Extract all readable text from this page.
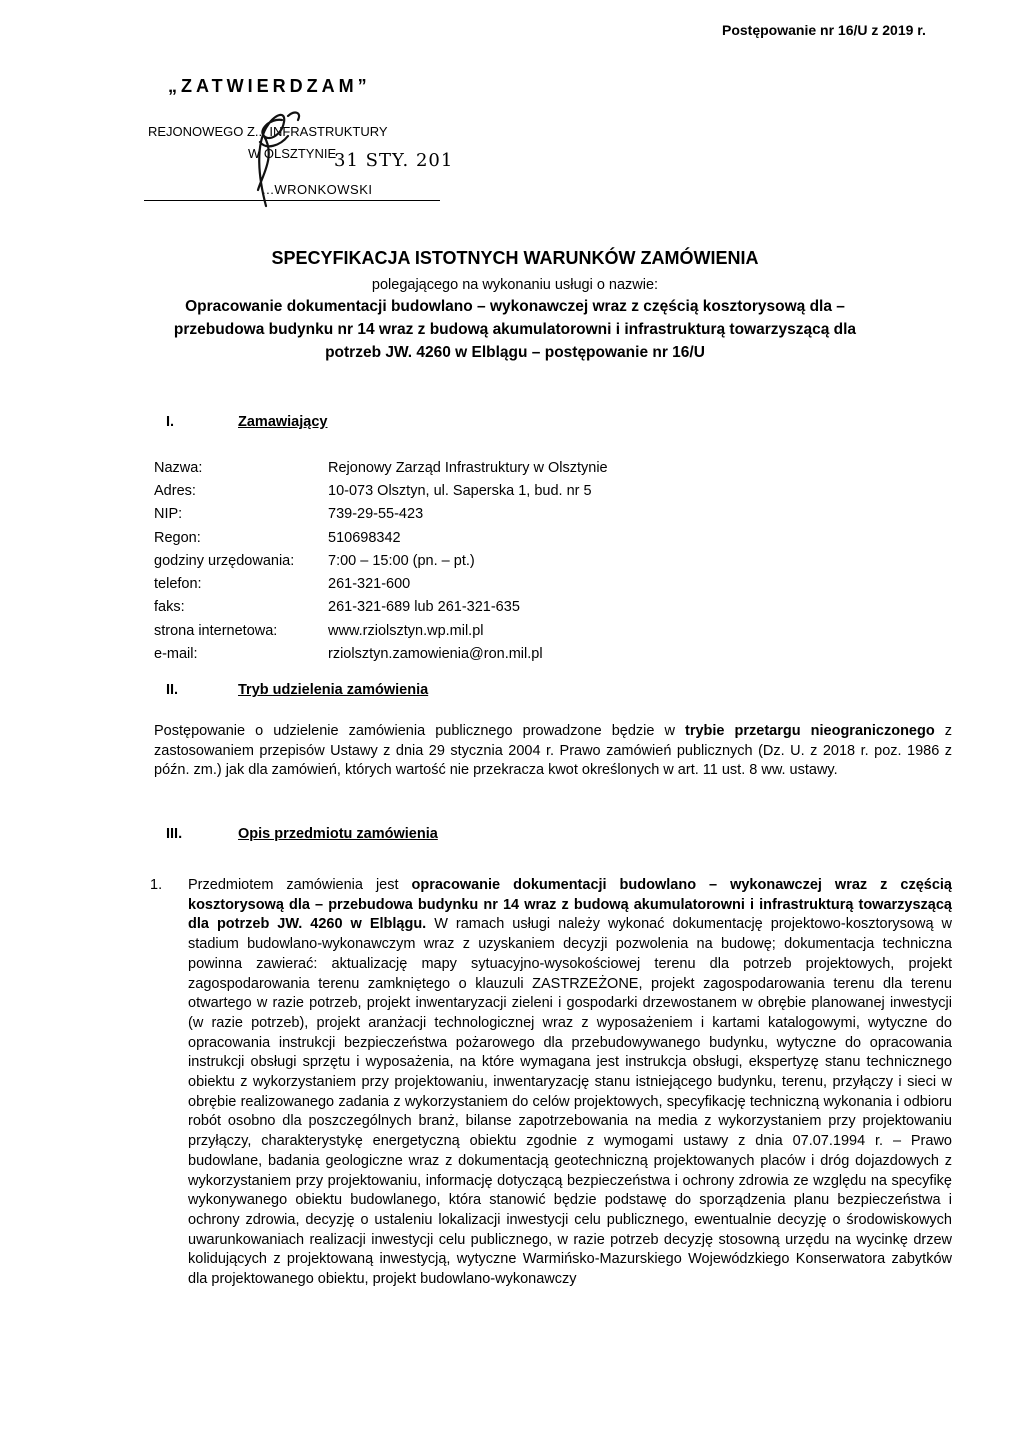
Postępowanie nr 16/U z 2019 r.
„ZATWIERDZAM”
REJONOWEGO Z... INFRASTRUKTURY
W OLSZTYNIE
31 STY. 201
...WRONKOWSKI

SPECYFIKACJA ISTOTNYCH WARUNKÓW ZAMÓWIENIA

polegającego na wykonaniu usługi o nazwie:

Opracowanie dokumentacji budowlano – wykonawczej wraz z częścią kosztorysową dla – przebudowa budynku nr 14 wraz z budową akumulatorowni i infrastrukturą towarzyszącą dla potrzeb JW. 4260 w Elblągu – postępowanie nr 16/U

I.	Zamawiający
Nazwa:	Rejonowy Zarząd Infrastruktury w Olsztynie
Adres:	10-073 Olsztyn, ul. Saperska 1, bud. nr 5
NIP:	739-29-55-423
Regon:	510698342
godziny urzędowania:	7:00 – 15:00 (pn. – pt.)
telefon:	261-321-600
faks:	261-321-689 lub 261-321-635
strona internetowa:	www.rziolsztyn.wp.mil.pl
e-mail:	rziolsztyn.zamowienia@ron.mil.pl
II.	Tryb udzielenia zamówienia
Postępowanie o udzielenie zamówienia publicznego prowadzone będzie w trybie przetargu nieograniczonego z zastosowaniem przepisów Ustawy z dnia 29 stycznia 2004 r. Prawo zamówień publicznych (Dz. U. z 2018 r. poz. 1986 z późn. zm.) jak dla zamówień, których wartość nie przekracza kwot określonych w art. 11 ust. 8 ww. ustawy.
III.	Opis przedmiotu zamówienia
1.	Przedmiotem zamówienia jest opracowanie dokumentacji budowlano – wykonawczej wraz z częścią kosztorysową dla – przebudowa budynku nr 14 wraz z budową akumulatorowni i infrastrukturą towarzyszącą dla potrzeb JW. 4260 w Elblągu. W ramach usługi należy wykonać dokumentację projektowo-kosztorysową w stadium budowlano-wykonawczym wraz z uzyskaniem decyzji pozwolenia na budowę; dokumentacja techniczna powinna zawierać: aktualizację mapy sytuacyjno-wysokościowej terenu dla potrzeb projektowych, projekt zagospodarowania terenu zamkniętego o klauzuli ZASTRZEŻONE, projekt zagospodarowania terenu dla terenu otwartego w razie potrzeb, projekt inwentaryzacji zieleni i gospodarki drzewostanem w obrębie planowanej inwestycji (w razie potrzeb), projekt aranżacji technologicznej wraz z wyposażeniem i kartami katalogowymi, wytyczne do opracowania instrukcji bezpieczeństwa pożarowego dla przebudowywanego budynku, wytyczne do opracowania instrukcji obsługi sprzętu i wyposażenia, na które wymagana jest instrukcja obsługi, ekspertyzę stanu technicznego obiektu z wykorzystaniem przy projektowaniu, inwentaryzację stanu istniejącego budynku, terenu, przyłączy i sieci w obrębie realizowanego zadania z wykorzystaniem do celów projektowych, specyfikację techniczną wykonania i odbioru robót osobno dla poszczególnych branż, bilanse zapotrzebowania na media z wykorzystaniem przy projektowaniu przyłączy, charakterystykę energetyczną obiektu zgodnie z wymogami ustawy z dnia 07.07.1994 r. – Prawo budowlane, badania geologiczne wraz z dokumentacją geotechniczną projektowanych placów i dróg dojazdowych z wykorzystaniem przy projektowaniu, informację dotyczącą bezpieczeństwa i ochrony zdrowia ze względu na specyfikę wykonywanego obiektu budowlanego, która stanowić będzie podstawę do sporządzenia planu bezpieczeństwa i ochrony zdrowia, decyzję o ustaleniu lokalizacji inwestycji celu publicznego, ewentualnie decyzję o środowiskowych uwarunkowaniach realizacji inwestycji celu publicznego, w razie potrzeb decyzję stosowną urzędu na wycinkę drzew kolidujących z projektowaną inwestycją, wytyczne Warmińsko-Mazurskiego Wojewódzkiego Konserwatora zabytków dla projektowanego obiektu, projekt budowlano-wykonawczy
